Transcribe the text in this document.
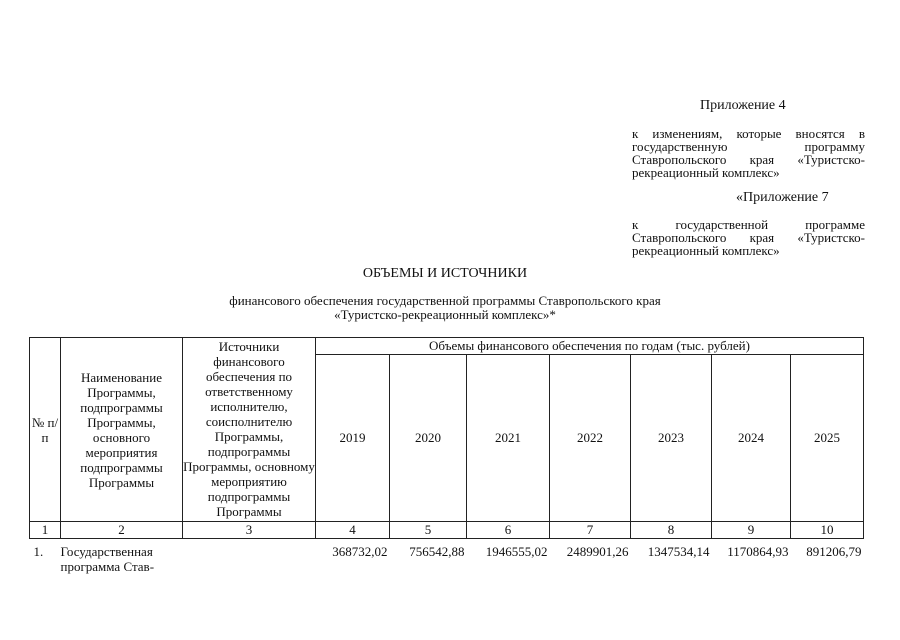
Приложение 4
к изменениям, которые вносятся в государственную программу Ставропольского края «Туристско-рекреационный комплекс»
«Приложение 7
к государственной программе Ставропольского края «Туристско-рекреационный комплекс»
ОБЪЕМЫ И ИСТОЧНИКИ
финансового обеспечения государственной программы Ставропольского края
«Туристско-рекреационный комплекс»*
№ п/п	Наименование Программы, подпрограммы Программы, основного мероприятия подпрограммы Программы	Источники финансового обеспечения по ответственному исполнителю, соисполнителю Программы, подпрограммы Программы, основному мероприятию подпрограммы Программы	Объемы финансового обеспечения по годам (тыс. рублей)						
			2019	2020	2021	2022	2023	2024	2025
1	2	3	4	5	6	7	8	9	10
1.	Государственная программа Став-		368732,02	756542,88	1946555,02	2489901,26	1347534,14	1170864,93	891206,79
